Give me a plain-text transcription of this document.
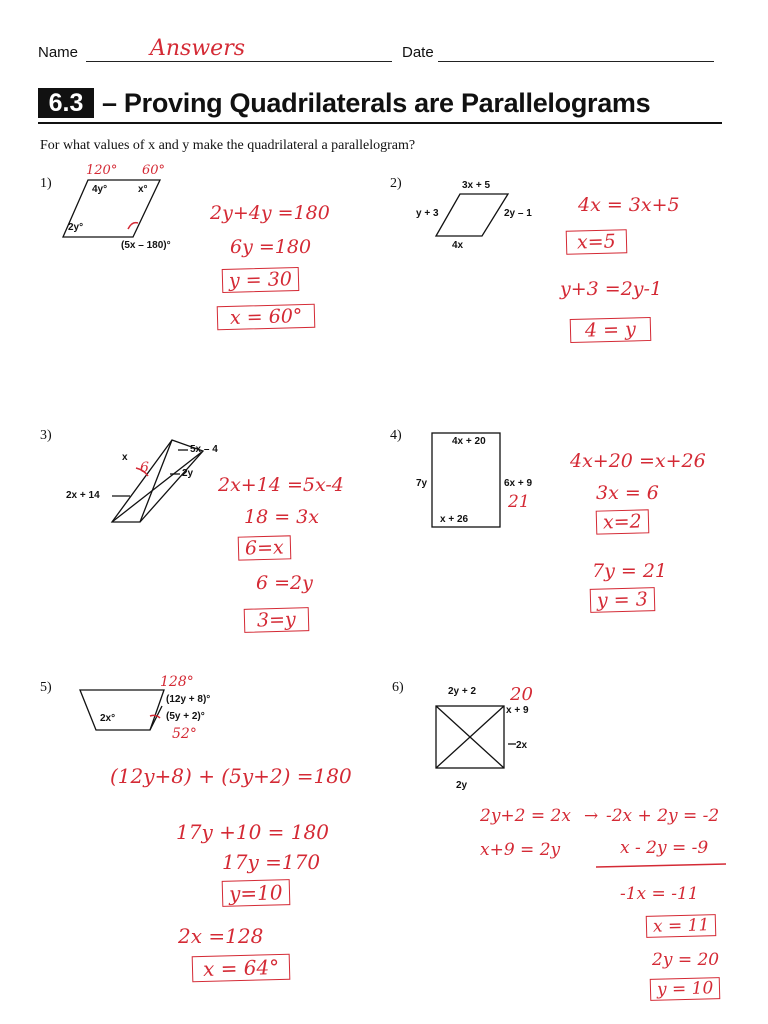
Name	Answers	Date
6.3 – Proving Quadrilaterals are Parallelograms
For what values of x and y make the quadrilateral a parallelogram?
1)	4y°	x°
2y°
(5x – 180)°
120° 60°
2y+4y =180
6y =180
y = 30
x = 60°
2)	3x + 5
y + 3	2y – 1
4x
4x = 3x+5
x=5
y+3 =2y-1
4 = y
3)
x
5x – 4
2y
2x + 14
6
2x+14 =5x-4
18 = 3x
6=x
6 =2y
3=y
4)	4x + 20
7y	6x + 9
x + 26
21
4x+20 =x+26
3x = 6
x=2
7y = 21
y = 3
5)	128°
(12y + 8)°
(5y + 2)°
2x°
52°
(12y+8) + (5y+2) =180
17y +10 = 180
17y =170
y=10
2x =128
x = 64°
6)	2y + 2 20
x + 9
2x
2y
2y+2 = 2x → -2x + 2y = -2
x+9 = 2y	x - 2y = -9
-1x = -11
x = 11
2y = 20
y = 10
